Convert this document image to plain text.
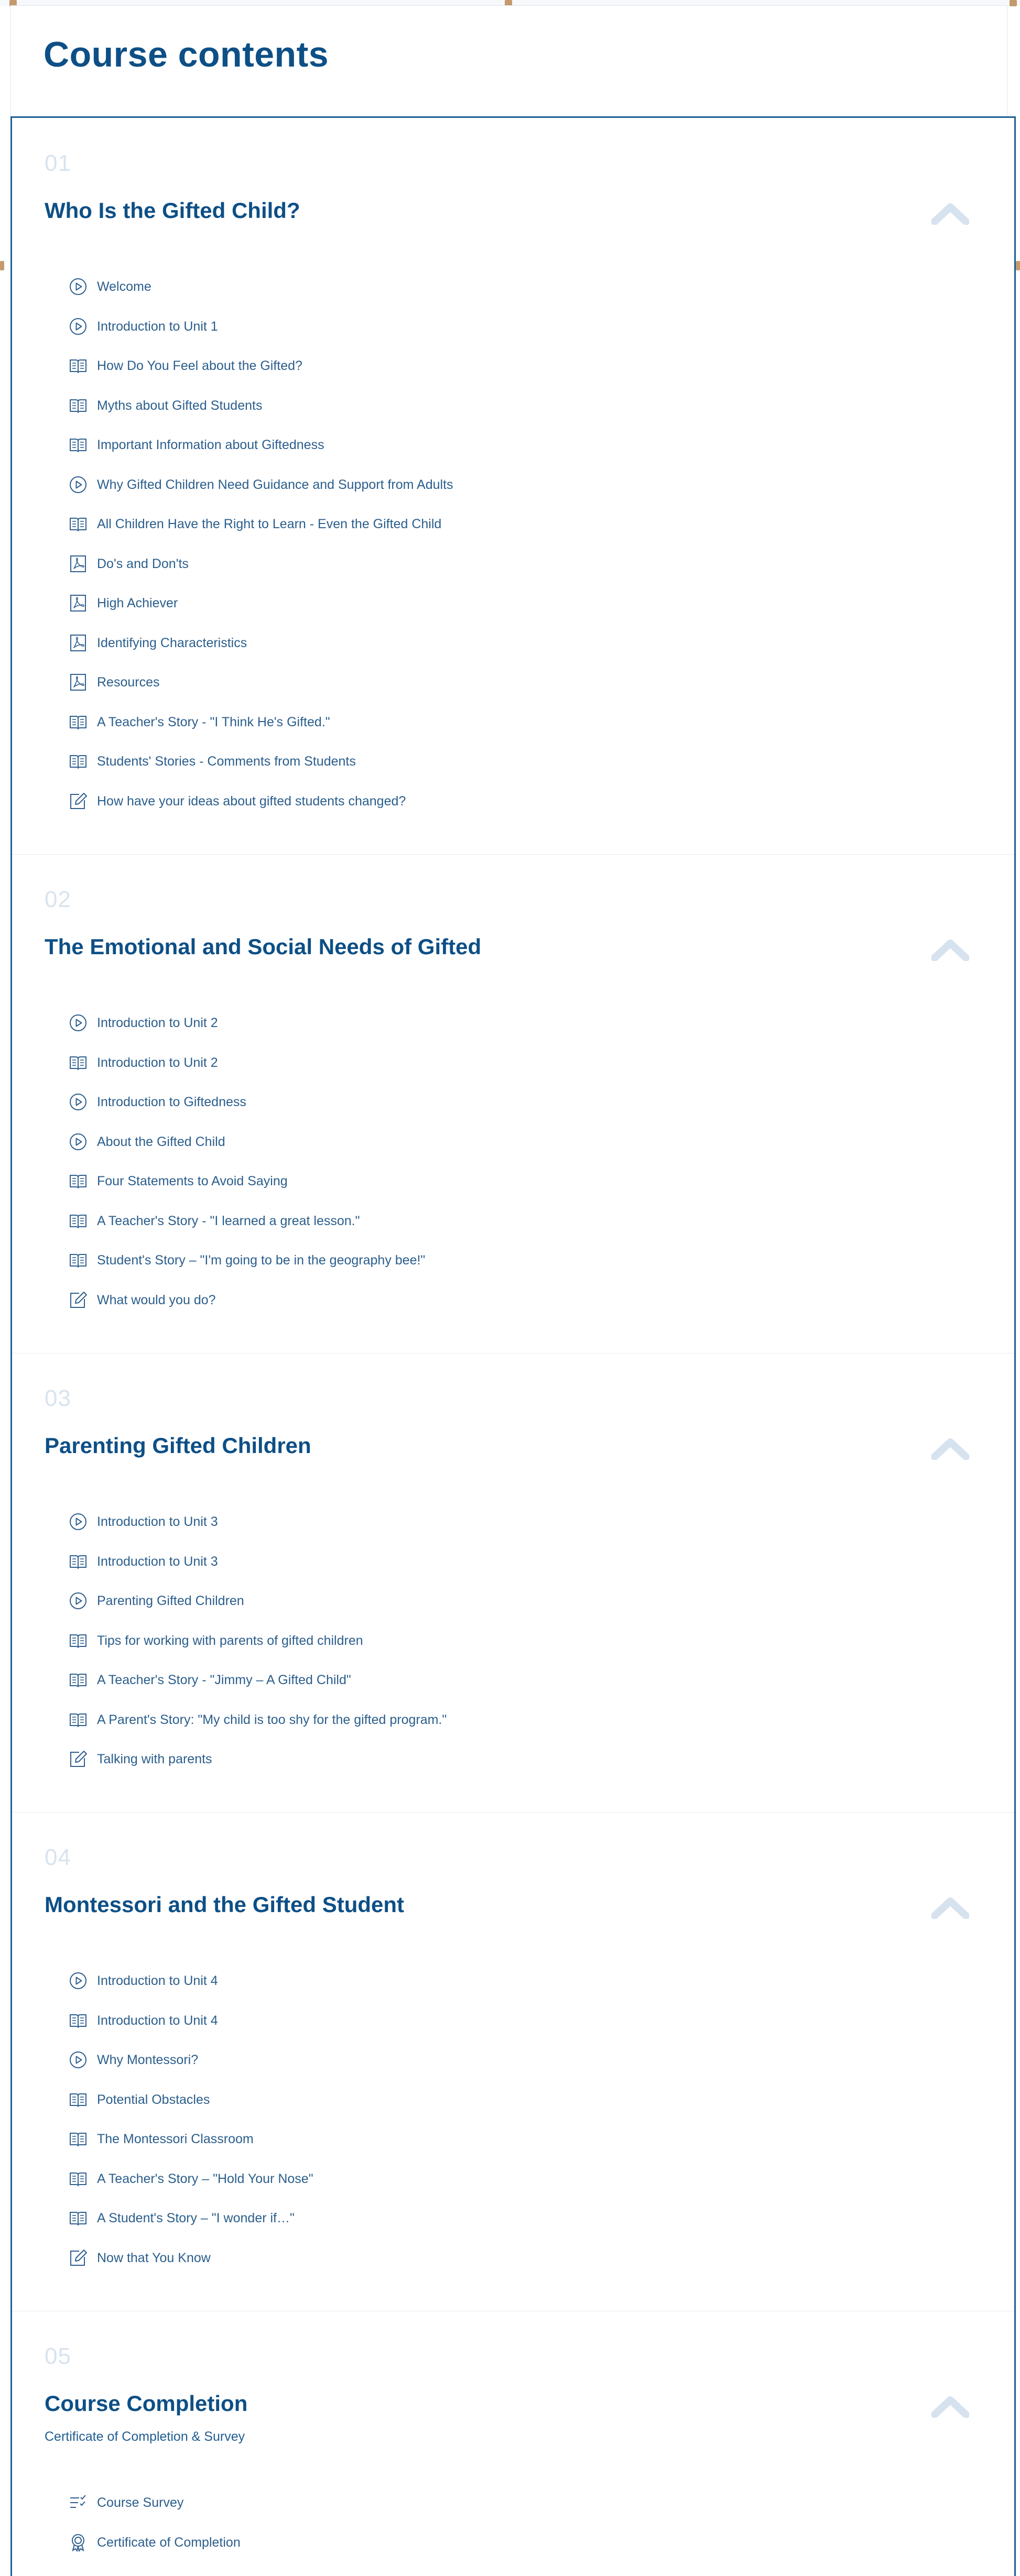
Course contents
01
Who Is the Gifted Child?
Welcome
Introduction to Unit 1
How Do You Feel about the Gifted?
Myths about Gifted Students
Important Information about Giftedness
Why Gifted Children Need Guidance and Support from Adults
All Children Have the Right to Learn - Even the Gifted Child
Do's and Don'ts
High Achiever
Identifying Characteristics
Resources
A Teacher's Story - "I Think He's Gifted."
Students' Stories - Comments from Students
How have your ideas about gifted students changed?
02
The Emotional and Social Needs of Gifted
Introduction to Unit 2
Introduction to Unit 2
Introduction to Giftedness
About the Gifted Child
Four Statements to Avoid Saying
A Teacher's Story - "I learned a great lesson."
Student's Story – "I'm going to be in the geography bee!"
What would you do?
03
Parenting Gifted Children
Introduction to Unit 3
Introduction to Unit 3
Parenting Gifted Children
Tips for working with parents of gifted children
A Teacher's Story - "Jimmy – A Gifted Child"
A Parent's Story: "My child is too shy for the gifted program."
Talking with parents
04
Montessori and the Gifted Student
Introduction to Unit 4
Introduction to Unit 4
Why Montessori?
Potential Obstacles
The Montessori Classroom
A Teacher's Story – "Hold Your Nose"
A Student's Story – "I wonder if…"
Now that You Know
05
Course Completion
Certificate of Completion & Survey
Course Survey
Certificate of Completion
